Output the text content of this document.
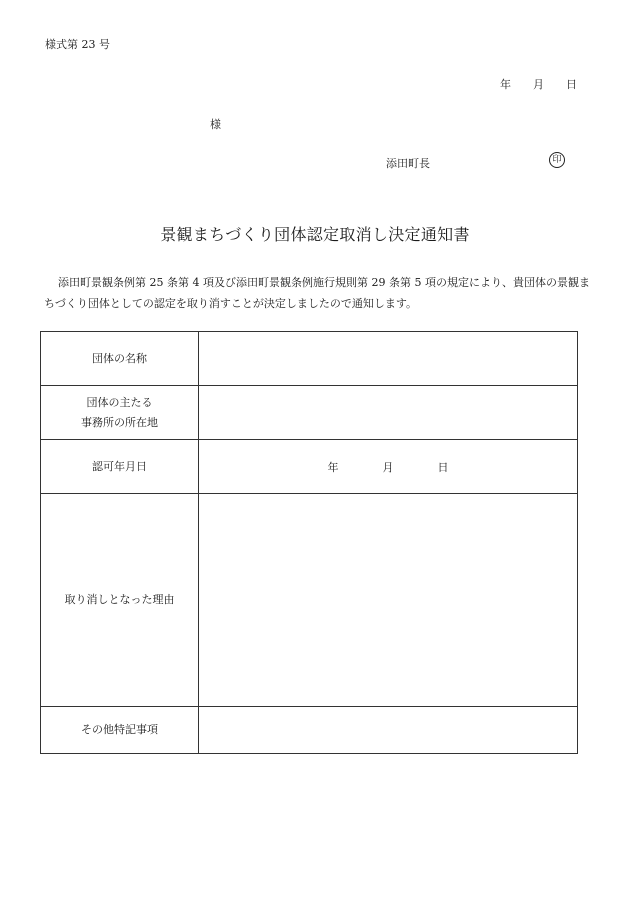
様式第 23 号
年　　月　　日
様
添田町長	印
景観まちづくり団体認定取消し決定通知書
添田町景観条例第 25 条第 4 項及び添田町景観条例施行規則第 29 条第 5 項の規定により、貴団体の景観まちづくり団体としての認定を取り消すことが決定しましたので通知します。
団体の名称	

団体の主たる
事務所の所在地	

認可年月日	年　　　　月　　　　日
取り消しとなった理由	
その他特記事項	
